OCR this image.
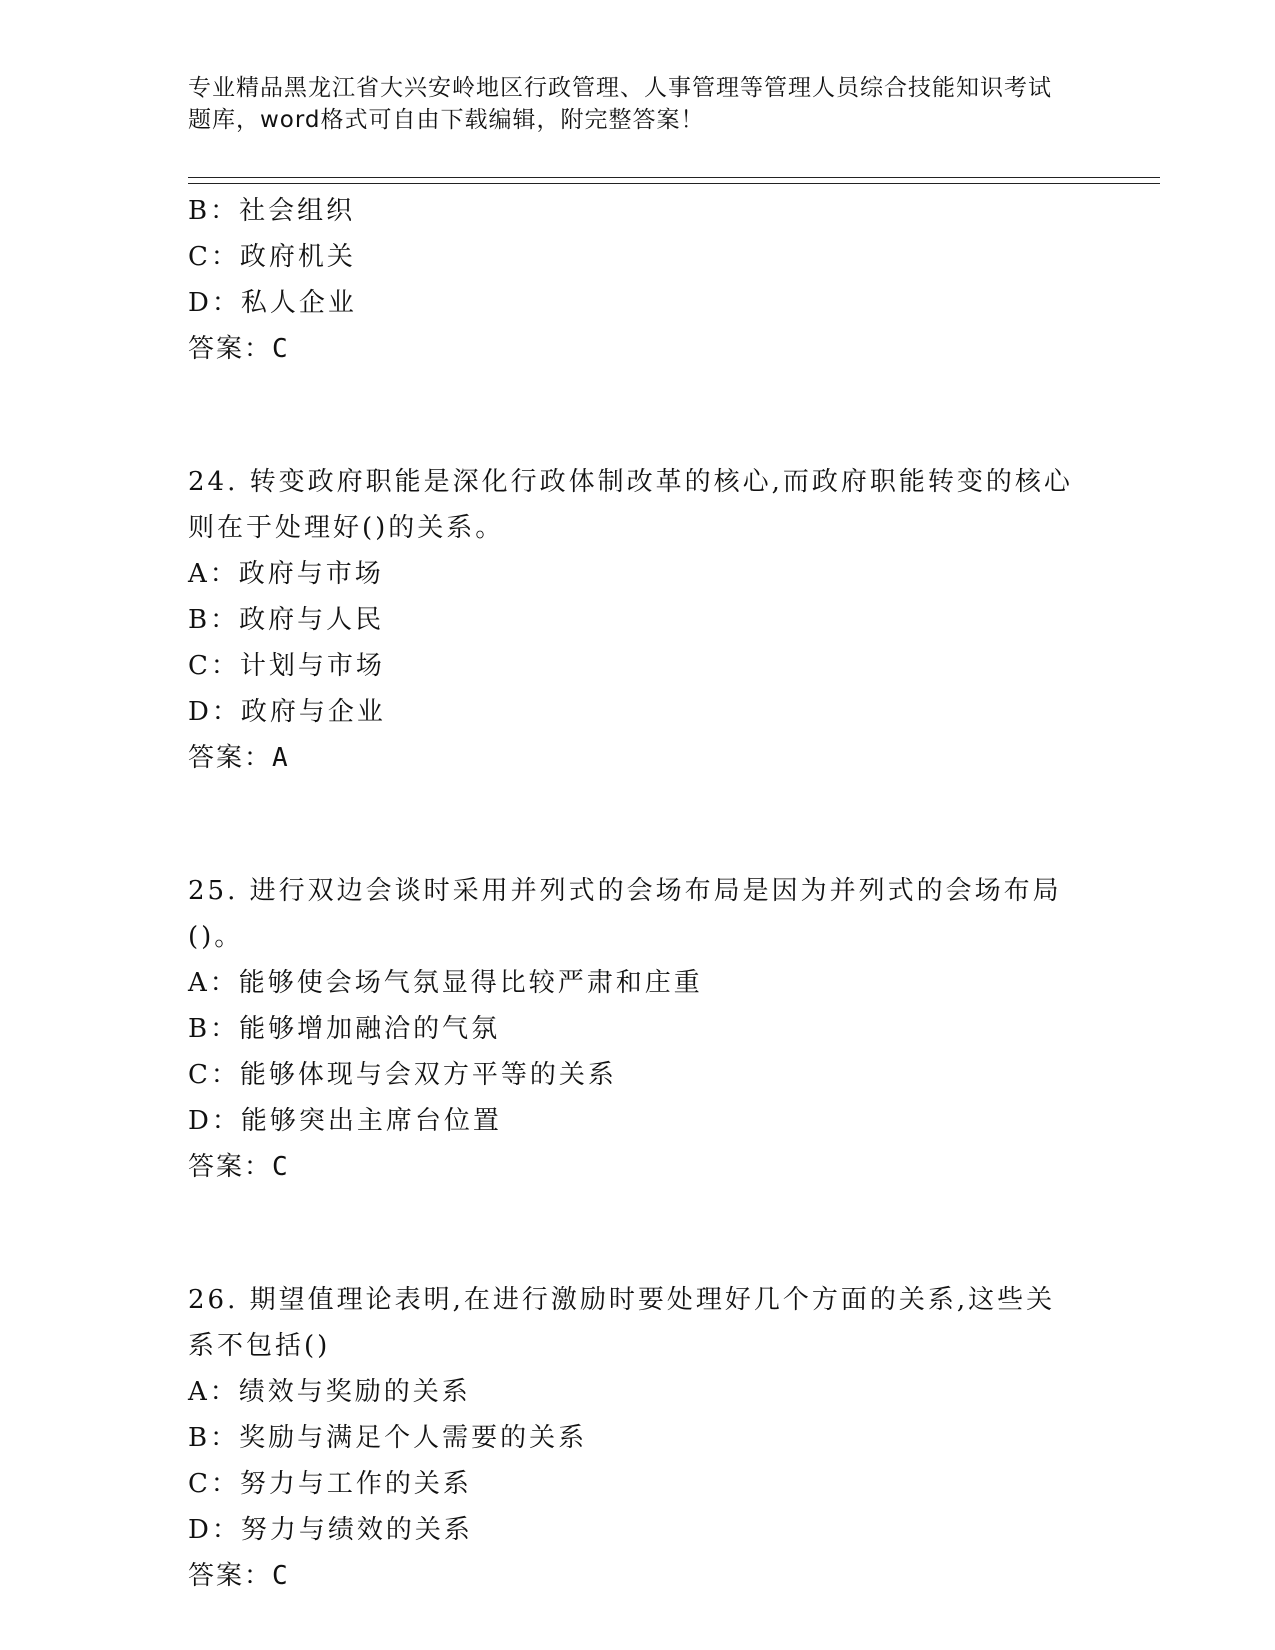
专业精品黑龙江省大兴安岭地区行政管理、人事管理等管理人员综合技能知识考试
题库，word格式可自由下载编辑，附完整答案！
B：社会组织
C：政府机关
D：私人企业
答案：C
24. 转变政府职能是深化行政体制改革的核心,而政府职能转变的核心
则在于处理好()的关系。
A：政府与市场
B：政府与人民
C：计划与市场
D：政府与企业
答案：A
25. 进行双边会谈时采用并列式的会场布局是因为并列式的会场布局
()。
A：能够使会场气氛显得比较严肃和庄重
B：能够增加融洽的气氛
C：能够体现与会双方平等的关系
D：能够突出主席台位置
答案：C
26. 期望值理论表明,在进行激励时要处理好几个方面的关系,这些关
系不包括()
A：绩效与奖励的关系
B：奖励与满足个人需要的关系
C：努力与工作的关系
D：努力与绩效的关系
答案：C
